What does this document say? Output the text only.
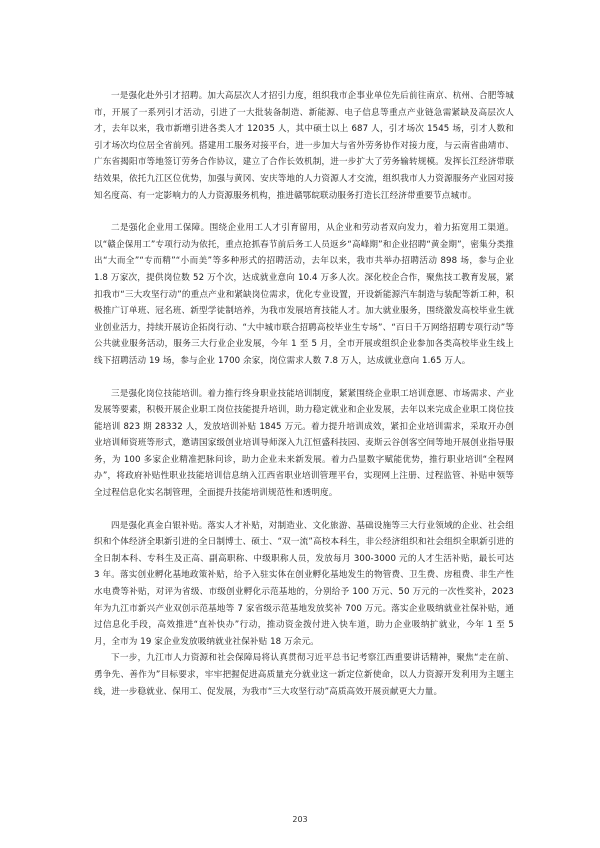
一是强化赴外引才招聘。加大高层次人才招引力度，组织我市企事业单位先后前往南京、杭州、合肥等城市，开展了一系列引才活动，引进了一大批装备制造、新能源、电子信息等重点产业链急需紧缺及高层次人才，去年以来，我市新增引进各类人才 12035 人，其中硕士以上 687 人，引才场次 1545 场，引才人数和引才场次均位居全省前列。搭建用工服务对接平台，进一步加大与省外劳务协作对接力度，与云南省曲靖市、广东省揭阳市等地签订劳务合作协议，建立了合作长效机制，进一步扩大了劳务输转规模。发挥长江经济带联结效果，依托九江区位优势，加强与黄冈、安庆等地的人力资源人才交流，组织我市人力资源服务产业园对接知名度高、有一定影响力的人力资源服务机构，推进赣鄂皖联动服务打造长江经济带重要节点城市。

二是强化企业用工保障。围绕企业用工人才引育留用，从企业和劳动者双向发力，着力拓宽用工渠道。以“赣企保用工”专项行动为依托，重点抢抓春节前后务工人员返乡“高峰期”和企业招聘“黄金期”，密集分类推出“大而全”“专而精”“小而美”等多种形式的招聘活动，去年以来，我市共举办招聘活动 898 场，参与企业 1.8 万家次，提供岗位数 52 万个次，达成就业意向 10.4 万多人次。深化校企合作，聚焦技工教育发展，紧扣我市“三大攻坚行动”的重点产业和紧缺岗位需求，优化专业设置，开设新能源汽车制造与装配等新工种，积极推广订单班、冠名班、新型学徒制培养，为我市发展培育技能人才。加大就业服务，围绕激发高校毕业生就业创业活力，持续开展访企拓岗行动、“大中城市联合招聘高校毕业生专场”、“百日千万网络招聘专项行动”等公共就业服务活动，服务三大行业企业发展，今年 1 至 5 月，全市开展或组织企业参加各类高校毕业生线上线下招聘活动 19 场，参与企业 1700 余家，岗位需求人数 7.8 万人，达成就业意向 1.65 万人。

三是强化岗位技能培训。着力推行终身职业技能培训制度，紧紧围绕企业职工培训意愿、市场需求、产业发展等要素，积极开展企业职工岗位技能提升培训，助力稳定就业和企业发展，去年以来完成企业职工岗位技能培训 823 期 28332 人，发放培训补贴 1845 万元。着力提升培训成效，紧扣企业培训需求，采取开办创业培训师资班等形式，邀请国家级创业培训导师深入九江恒盛科技园、麦斯云谷创客空间等地开展创业指导服务，为 100 多家企业精准把脉问诊，助力企业未来新发展。着力凸显数字赋能优势，推行职业培训“全程网办”，将政府补贴性职业技能培训信息纳入江西省职业培训管理平台，实现网上注册、过程监管、补贴申领等全过程信息化实名制管理，全面提升技能培训规范性和透明度。

四是强化真金白银补贴。落实人才补贴，对制造业、文化旅游、基础设施等三大行业领域的企业、社会组织和个体经济全职新引进的全日制博士、硕士、“双一流”高校本科生，非公经济组织和社会组织全职新引进的全日制本科、专科生及正高、副高职称、中级职称人员，发放每月 300-3000 元的人才生活补贴，最长可达 3 年。落实创业孵化基地政策补贴，给予入驻实体在创业孵化基地发生的物管费、卫生费、房租费、非生产性水电费等补贴，对评为省级、市级创业孵化示范基地的，分别给予 100 万元、50 万元的一次性奖补，2023 年为九江市新兴产业双创示范基地等 7 家省级示范基地发放奖补 700 万元。落实企业吸纳就业社保补贴，通过信息化手段，高效推进“直补快办”行动，推动资金拨付进入快车道，助力企业吸纳扩就业，今年 1 至 5 月，全市为 19 家企业发放吸纳就业社保补贴 18 万余元。

下一步，九江市人力资源和社会保障局将认真贯彻习近平总书记考察江西重要讲话精神，聚焦“走在前、勇争先、善作为”目标要求，牢牢把握促进高质量充分就业这一新定位新使命，以人力资源开发利用为主题主线，进一步稳就业、保用工、促发展，为我市“三大攻坚行动”高质高效开展贡献更大力量。

203
